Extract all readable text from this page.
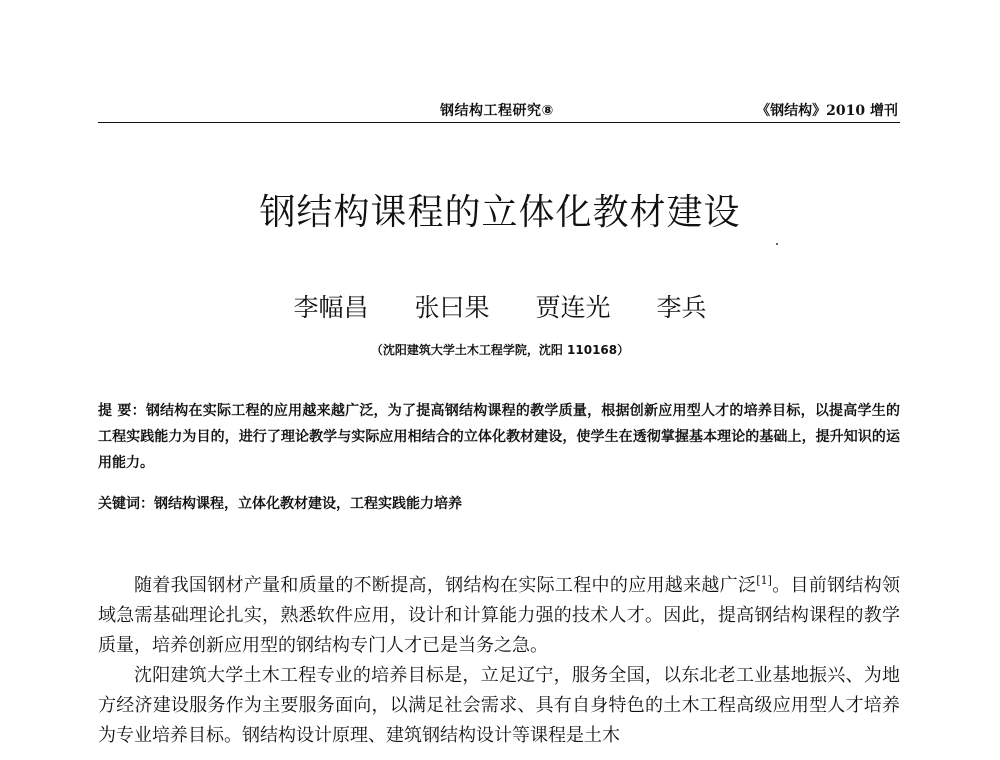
钢结构工程研究⑧	《钢结构》2010 增刊
钢结构课程的立体化教材建设
李幅昌 张曰果 贾连光 李兵
（沈阳建筑大学土木工程学院，沈阳 110168）
提 要：钢结构在实际工程的应用越来越广泛，为了提高钢结构课程的教学质量，根据创新应用型人才的培养目标，以提高学生的工程实践能力为目的，进行了理论教学与实际应用相结合的立体化教材建设，使学生在透彻掌握基本理论的基础上，提升知识的运用能力。
关键词：钢结构课程，立体化教材建设，工程实践能力培养

随着我国钢材产量和质量的不断提高，钢结构在实际工程中的应用越来越广泛[1]。目前钢结构领域急需基础理论扎实，熟悉软件应用，设计和计算能力强的技术人才。因此，提高钢结构课程的教学质量，培养创新应用型的钢结构专门人才已是当务之急。

沈阳建筑大学土木工程专业的培养目标是，立足辽宁，服务全国，以东北老工业基地振兴、为地方经济建设服务作为主要服务面向，以满足社会需求、具有自身特色的土木工程高级应用型人才培养为专业培养目标。钢结构设计原理、建筑钢结构设计等课程是土木
